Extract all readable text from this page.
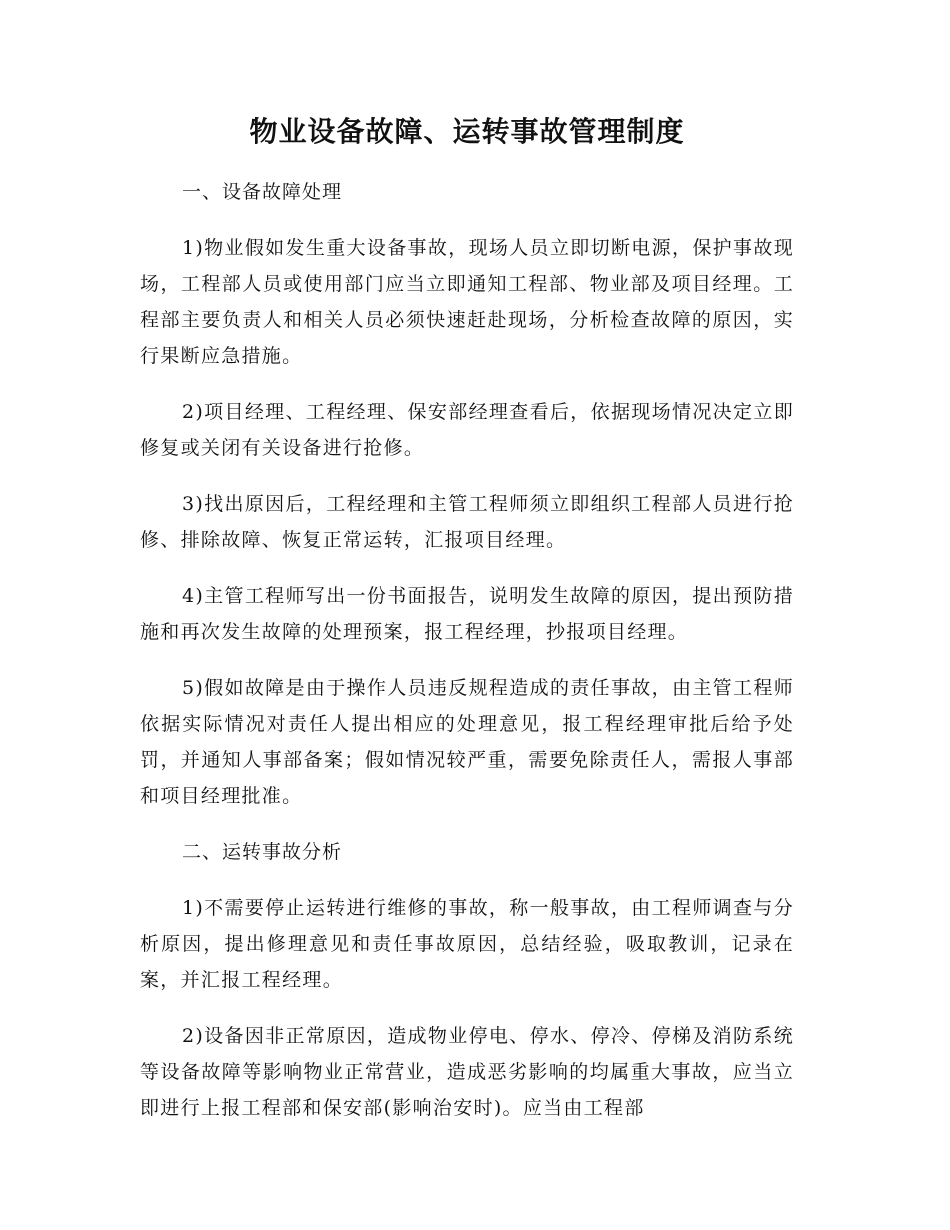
物业设备故障、运转事故管理制度

一、设备故障处理

1)物业假如发生重大设备事故，现场人员立即切断电源，保护事故现场，工程部人员或使用部门应当立即通知工程部、物业部及项目经理。工程部主要负责人和相关人员必须快速赶赴现场，分析检查故障的原因，实行果断应急措施。

2)项目经理、工程经理、保安部经理查看后，依据现场情况决定立即修复或关闭有关设备进行抢修。

3)找出原因后，工程经理和主管工程师须立即组织工程部人员进行抢修、排除故障、恢复正常运转，汇报项目经理。

4)主管工程师写出一份书面报告，说明发生故障的原因，提出预防措施和再次发生故障的处理预案，报工程经理，抄报项目经理。

5)假如故障是由于操作人员违反规程造成的责任事故，由主管工程师依据实际情况对责任人提出相应的处理意见，报工程经理审批后给予处罚，并通知人事部备案；假如情况较严重，需要免除责任人，需报人事部和项目经理批准。

二、运转事故分析

1)不需要停止运转进行维修的事故，称一般事故，由工程师调查与分析原因，提出修理意见和责任事故原因，总结经验，吸取教训，记录在案，并汇报工程经理。

2)设备因非正常原因，造成物业停电、停水、停冷、停梯及消防系统等设备故障等影响物业正常营业，造成恶劣影响的均属重大事故，应当立即进行上报工程部和保安部(影响治安时)。应当由工程部
